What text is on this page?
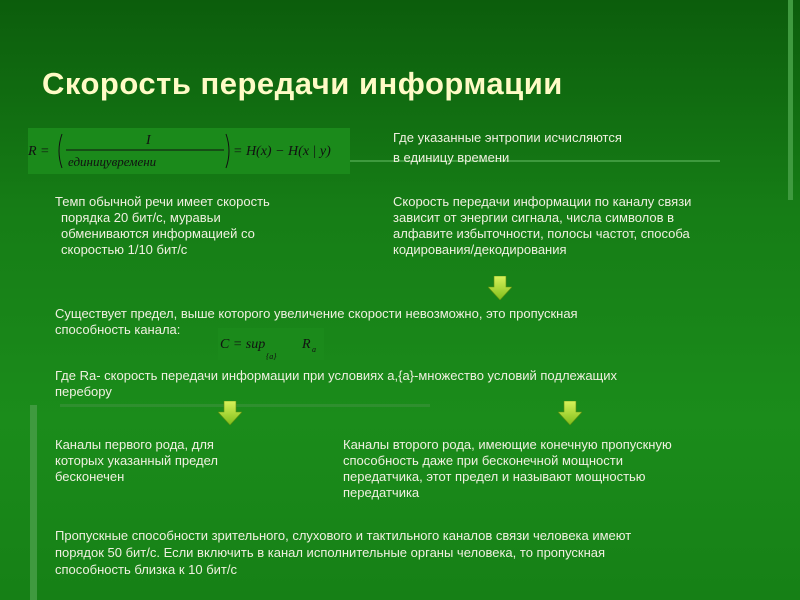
Скорость передачи информации
R =
I
единицувремени
= H(x) − H(x | y)
Где указанные энтропии исчисляются
в единицу времени
Темп обычной речи имеет скорость
порядка 20 бит/с, муравьи
обмениваются информацией со
скоростью 1/10 бит/с
Скорость передачи информации по каналу связи
зависит от энергии сигнала, числа символов в
алфавите избыточности, полосы частот, способа
кодирования/декодирования
Существует предел, выше которого увеличение скорости невозможно, это пропускная
способность канала:
C = sup
{a}
R a
Где Ra- скорость передачи информации при условиях а,{a}-множество условий подлежащих
перебору
Каналы первого рода, для
которых указанный предел
бесконечен
Каналы второго рода, имеющие конечную пропускную
способность даже при бесконечной мощности
передатчика, этот предел и называют мощностью
передатчика
Пропускные способности зрительного, слухового и тактильного каналов связи человека имеют
порядок 50 бит/с. Если включить в канал исполнительные органы человека, то пропускная
способность близка к 10 бит/с
